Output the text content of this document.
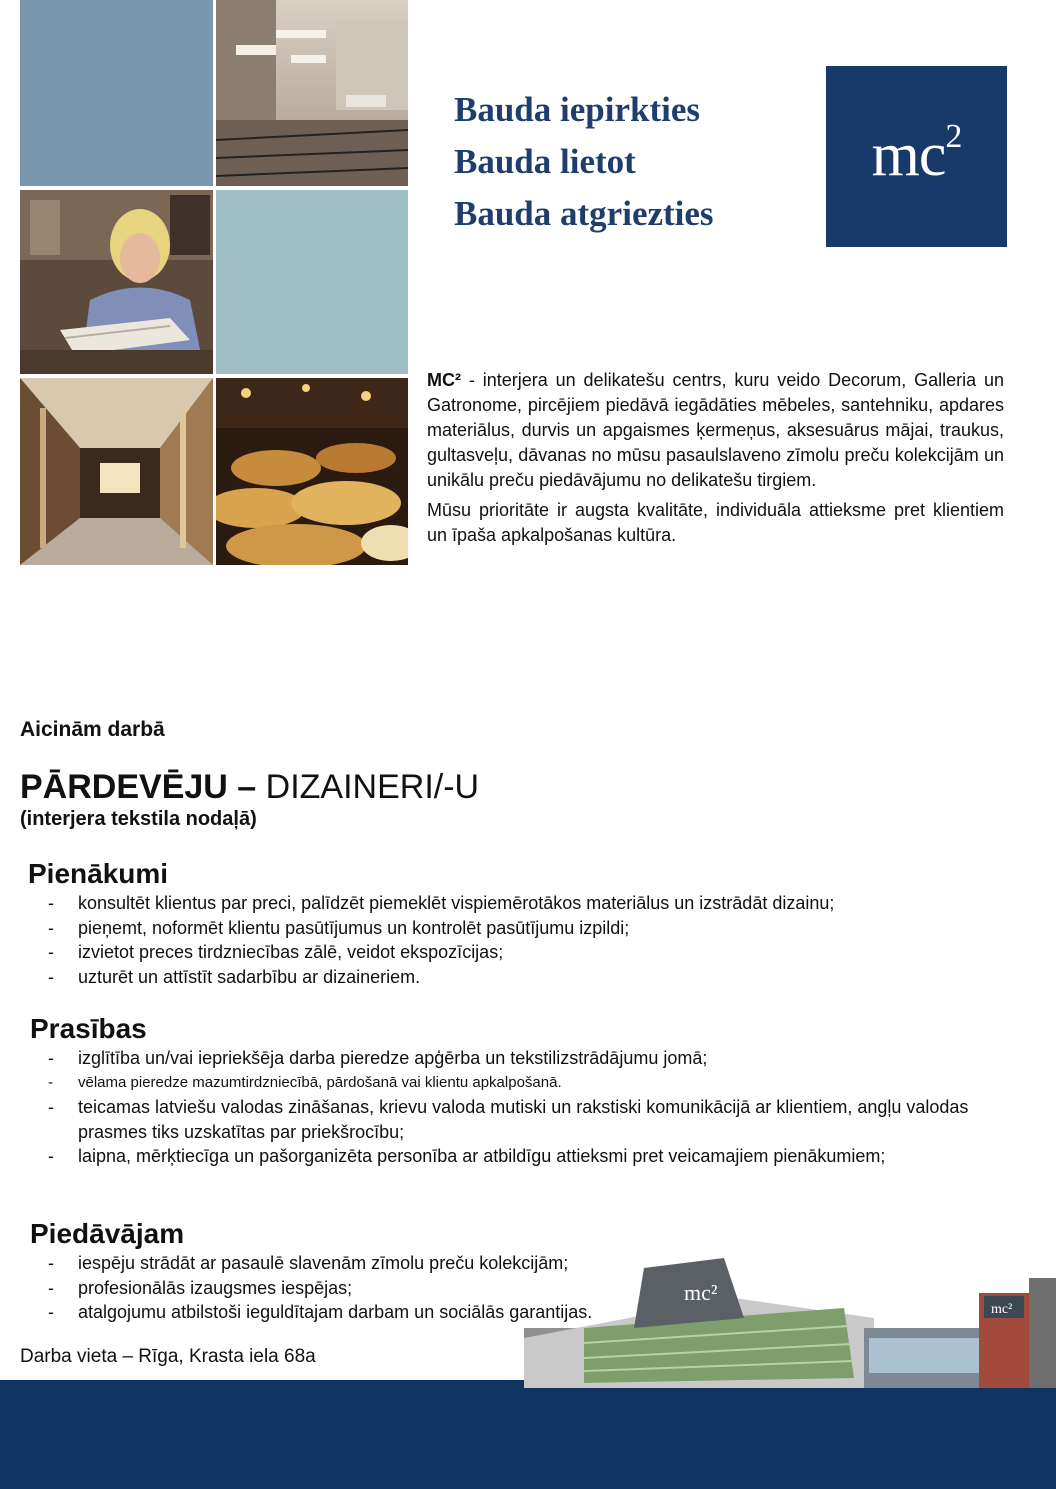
Bauda iepirkties
Bauda lietot
Bauda atgriezties
$mc^2$

MC² - interjera un delikatešu centrs, kuru veido Decorum, Galleria un Gatronome, pircējiem piedāvā iegādāties mēbeles, santehniku, apdares materiālus, durvis un apgaismes ķermeņus, aksesuārus mājai, traukus, gultasveļu, dāvanas no mūsu pasaulslaveno zīmolu preču kolekcijām un unikālu preču piedāvājumu no delikatešu tirgiem.

Mūsu prioritāte ir augsta kvalitāte, individuāla attieksme pret klientiem un īpaša apkalpošanas kultūra.

Aicinām darbā
PĀRDEVĒJU – DIZAINERI/-U
(interjera tekstila nodaļā)
Pienākumi
- konsultēt klientus par preci, palīdzēt piemeklēt vispiemērotākos materiālus un izstrādāt dizainu;
- pieņemt, noformēt klientu pasūtījumus un kontrolēt pasūtījumu izpildi;
- izvietot preces tirdzniecības zālē, veidot ekspozīcijas;
- uzturēt un attīstīt sadarbību ar dizaineriem.
Prasības
- izglītība un/vai iepriekšēja darba pieredze apģērba un tekstilizstrādājumu jomā;
- vēlama pieredze mazumtirdzniecībā, pārdošanā vai klientu apkalpošanā.
- teicamas latviešu valodas zināšanas, krievu valoda mutiski un rakstiski komunikācijā ar klientiem, angļu valodas prasmes tiks uzskatītas par priekšrocību;
- laipna, mērķtiecīga un pašorganizēta personība ar atbildīgu attieksmi pret veicamajiem pienākumiem;
mc²
mc²
Piedāvājam
- iespēju strādāt ar pasaulē slavenām zīmolu preču kolekcijām;
- profesionālās izaugsmes iespējas;
- atalgojumu atbilstoši ieguldītajam darbam un sociālās garantijas.
Darba vieta – Rīga, Krasta iela 68a
